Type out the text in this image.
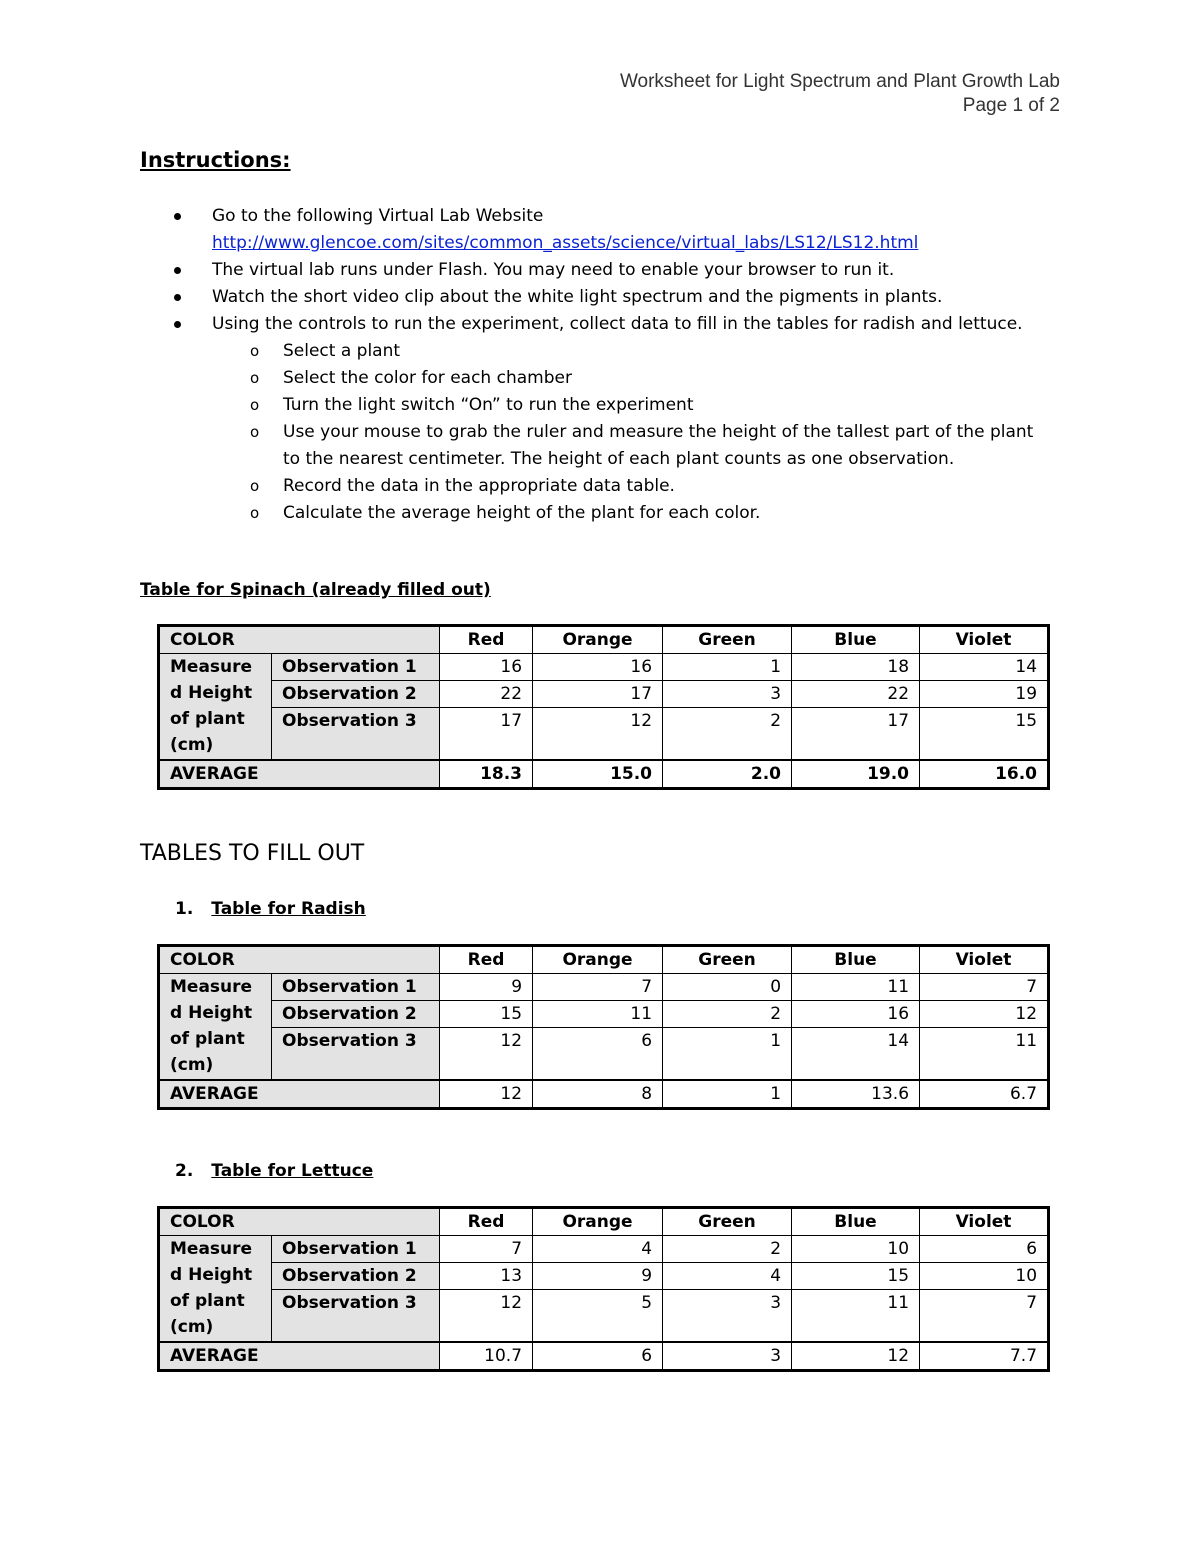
Worksheet for Light Spectrum and Plant Growth Lab
Page 1 of 2
Instructions:
Go to the following Virtual Lab Website
http://www.glencoe.com/sites/common_assets/science/virtual_labs/LS12/LS12.html
The virtual lab runs under Flash. You may need to enable your browser to run it.
Watch the short video clip about the white light spectrum and the pigments in plants.
Using the controls to run the experiment, collect data to fill in the tables for radish and lettuce.
o Select a plant
o Select the color for each chamber
o Turn the light switch “On” to run the experiment
o Use your mouse to grab the ruler and measure the height of the tallest part of the plant
to the nearest centimeter. The height of each plant counts as one observation.
o Record the data in the appropriate data table.
o Calculate the average height of the plant for each color.
Table for Spinach (already filled out)
COLOR		Red	Orange	Green	Blue	Violet
Measure d Height of plant (cm)	Observation 1	16	16	1	18	14
	Observation 2	22	17	3	22	19
	Observation 3	17	12	2	17	15
AVERAGE		18.3	15.0	2.0	19.0	16.0
TABLES TO FILL OUT
1. Table for Radish
COLOR		Red	Orange	Green	Blue	Violet
Measure d Height of plant (cm)	Observation 1	9	7	0	11	7
	Observation 2	15	11	2	16	12
	Observation 3	12	6	1	14	11
AVERAGE		12	8	1	13.6	6.7
2. Table for Lettuce
COLOR		Red	Orange	Green	Blue	Violet
Measure d Height of plant (cm)	Observation 1	7	4	2	10	6
	Observation 2	13	9	4	15	10
	Observation 3	12	5	3	11	7
AVERAGE		10.7	6	3	12	7.7
